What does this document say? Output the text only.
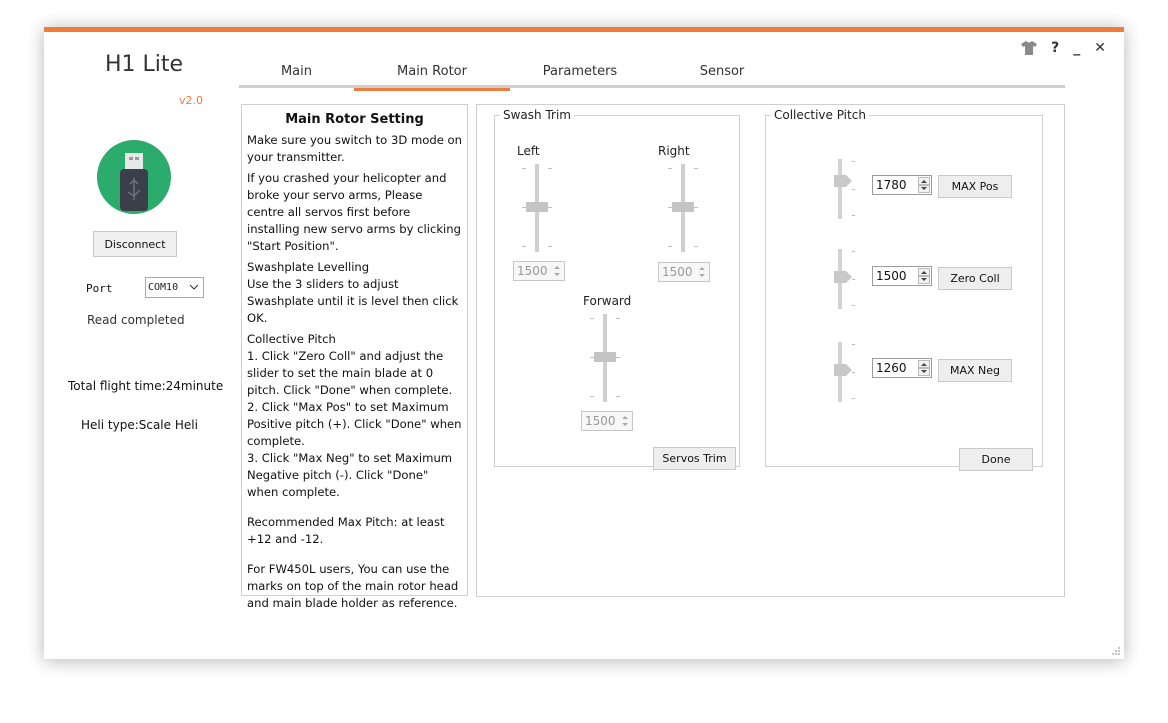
? _ ✕
H1 Lite
v2.0
Disconnect
Port	COM10
Read completed
Total flight time:24minute
Heli type:Scale Heli
Main	Main Rotor	Parameters	Sensor
Main Rotor Setting

Make sure you switch to 3D mode on your transmitter.

If you crashed your helicopter and broke your servo arms, Please centre all servos first before installing new servo arms by clicking "Start Position".

Swashplate Levelling

Use the 3 sliders to adjust Swashplate until it is level then click OK.

Collective Pitch
1. Click "Zero Coll" and adjust the slider to set the main blade at 0 pitch. Click "Done" when complete.
2. Click "Max Pos" to set Maximum Positive pitch (+). Click "Done" when complete.
3. Click "Max Neg" to set Maximum Negative pitch (-). Click "Done" when complete.
Recommended Max Pitch: at least +12 and -12.
For FW450L users, You can use the marks on top of the main rotor head and main blade holder as reference.
Swash Trim
Left
1500
Right
1500
Forward
1500
Servos Trim
Collective Pitch
1780	MAX Pos
1500	Zero Coll
1260	MAX Neg
Done
